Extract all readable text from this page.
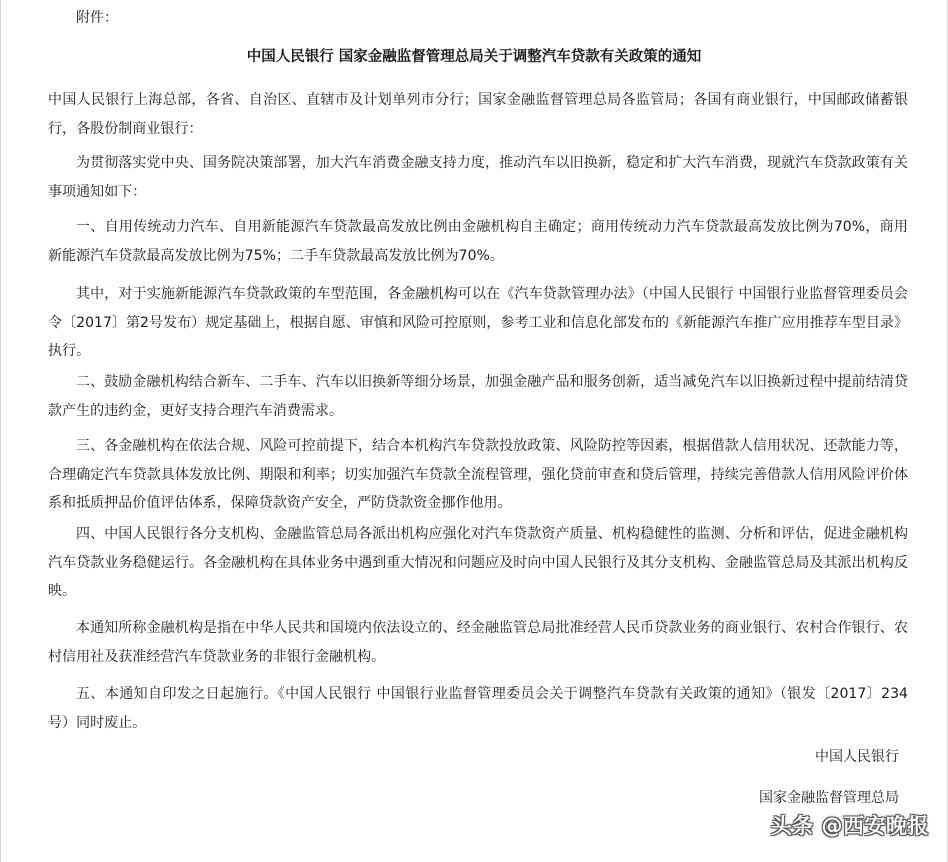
附件：
中国人民银行 国家金融监督管理总局关于调整汽车贷款有关政策的通知
中国人民银行上海总部，各省、自治区、直辖市及计划单列市分行；国家金融监督管理总局各监管局；各国有商业银行，中国邮政储蓄银行，各股份制商业银行：
为贯彻落实党中央、国务院决策部署，加大汽车消费金融支持力度，推动汽车以旧换新，稳定和扩大汽车消费，现就汽车贷款政策有关事项通知如下：
一、自用传统动力汽车、自用新能源汽车贷款最高发放比例由金融机构自主确定；商用传统动力汽车贷款最高发放比例为70%，商用新能源汽车贷款最高发放比例为75%；二手车贷款最高发放比例为70%。
其中，对于实施新能源汽车贷款政策的车型范围，各金融机构可以在《汽车贷款管理办法》（中国人民银行 中国银行业监督管理委员会令〔2017〕第2号发布）规定基础上，根据自愿、审慎和风险可控原则，参考工业和信息化部发布的《新能源汽车推广应用推荐车型目录》执行。
二、鼓励金融机构结合新车、二手车、汽车以旧换新等细分场景，加强金融产品和服务创新，适当减免汽车以旧换新过程中提前结清贷款产生的违约金，更好支持合理汽车消费需求。
三、各金融机构在依法合规、风险可控前提下，结合本机构汽车贷款投放政策、风险防控等因素，根据借款人信用状况、还款能力等，合理确定汽车贷款具体发放比例、期限和利率；切实加强汽车贷款全流程管理，强化贷前审查和贷后管理，持续完善借款人信用风险评价体系和抵质押品价值评估体系，保障贷款资产安全，严防贷款资金挪作他用。
四、中国人民银行各分支机构、金融监管总局各派出机构应强化对汽车贷款资产质量、机构稳健性的监测、分析和评估，促进金融机构汽车贷款业务稳健运行。各金融机构在具体业务中遇到重大情况和问题应及时向中国人民银行及其分支机构、金融监管总局及其派出机构反映。
本通知所称金融机构是指在中华人民共和国境内依法设立的、经金融监管总局批准经营人民币贷款业务的商业银行、农村合作银行、农村信用社及获准经营汽车贷款业务的非银行金融机构。
五、本通知自印发之日起施行。《中国人民银行 中国银行业监督管理委员会关于调整汽车贷款有关政策的通知》（银发〔2017〕234号）同时废止。
中国人民银行
国家金融监督管理总局
头条 @西安晚报
